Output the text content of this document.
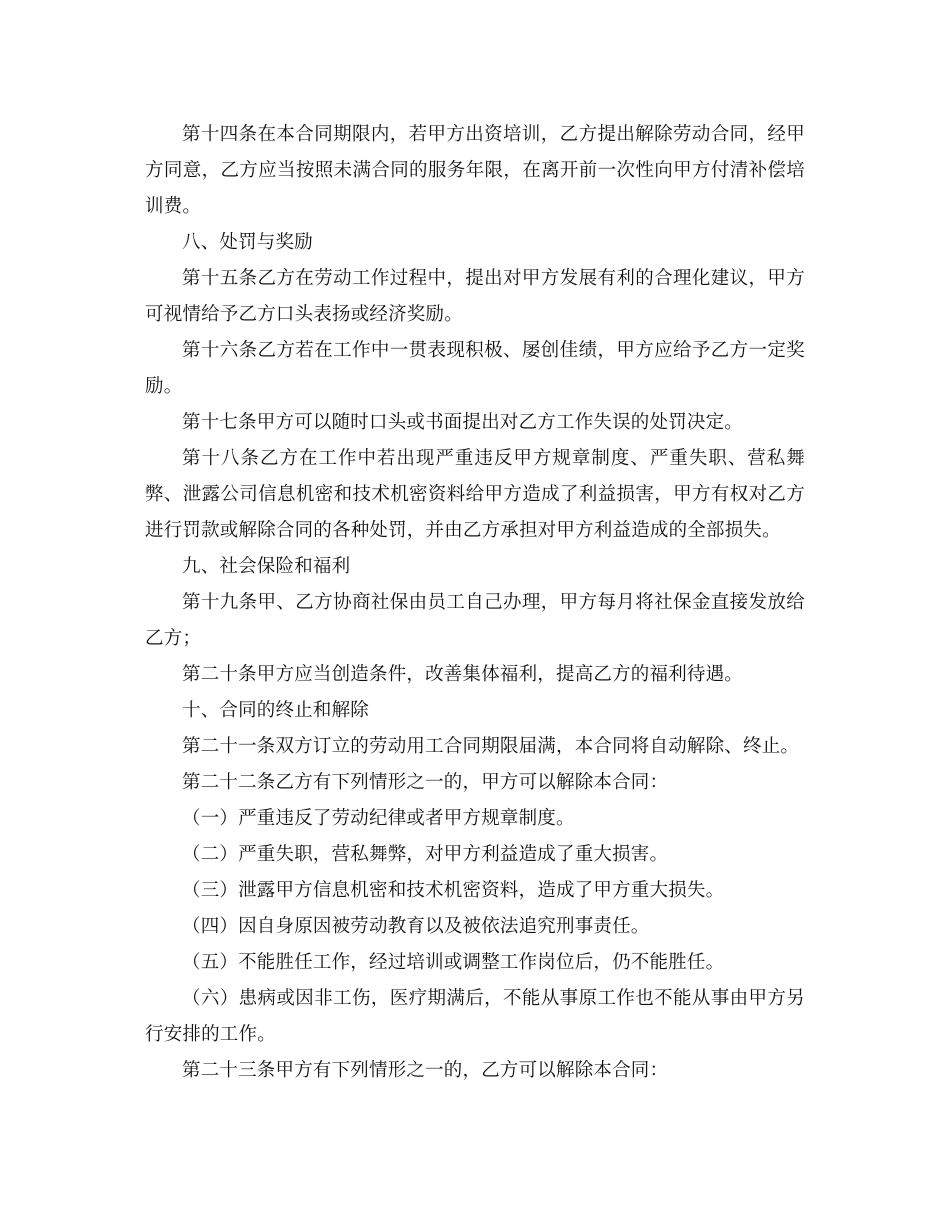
第十四条在本合同期限内，若甲方出资培训，乙方提出解除劳动合同，经甲方同意，乙方应当按照未满合同的服务年限，在离开前一次性向甲方付清补偿培训费。

八、处罚与奖励

第十五条乙方在劳动工作过程中，提出对甲方发展有利的合理化建议，甲方可视情给予乙方口头表扬或经济奖励。

第十六条乙方若在工作中一贯表现积极、屡创佳绩，甲方应给予乙方一定奖励。

第十七条甲方可以随时口头或书面提出对乙方工作失误的处罚决定。

第十八条乙方在工作中若出现严重违反甲方规章制度、严重失职、营私舞弊、泄露公司信息机密和技术机密资料给甲方造成了利益损害，甲方有权对乙方进行罚款或解除合同的各种处罚，并由乙方承担对甲方利益造成的全部损失。

九、社会保险和福利

第十九条甲、乙方协商社保由员工自己办理，甲方每月将社保金直接发放给乙方；

第二十条甲方应当创造条件，改善集体福利，提高乙方的福利待遇。

十、合同的终止和解除

第二十一条双方订立的劳动用工合同期限届满，本合同将自动解除、终止。

第二十二条乙方有下列情形之一的，甲方可以解除本合同：

（一）严重违反了劳动纪律或者甲方规章制度。

（二）严重失职，营私舞弊，对甲方利益造成了重大损害。

（三）泄露甲方信息机密和技术机密资料，造成了甲方重大损失。

（四）因自身原因被劳动教育以及被依法追究刑事责任。

（五）不能胜任工作，经过培训或调整工作岗位后，仍不能胜任。

（六）患病或因非工伤，医疗期满后，不能从事原工作也不能从事由甲方另行安排的工作。

第二十三条甲方有下列情形之一的，乙方可以解除本合同：
